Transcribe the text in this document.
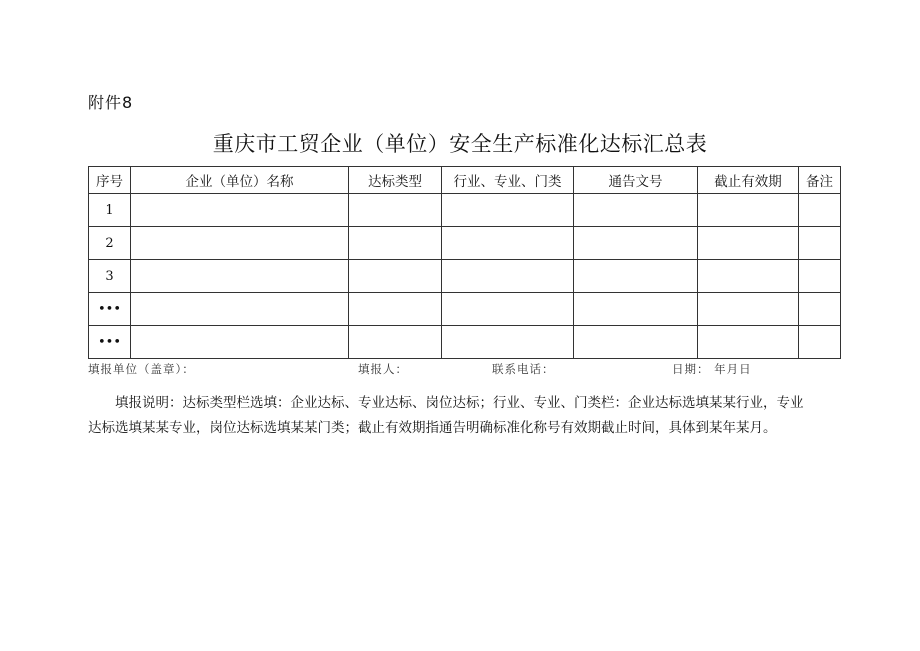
附件8
重庆市工贸企业（单位）安全生产标准化达标汇总表
序号	企业（单位）名称	达标类型	行业、专业、门类	通告文号	截止有效期	备注
1						
2						
3						
•••						
•••						
填报单位（盖章）：	填报人：	联系电话：	日期： 年月日
填报说明：达标类型栏选填：企业达标、专业达标、岗位达标；行业、专业、门类栏：企业达标选填某某行业，专业
达标选填某某专业，岗位达标选填某某门类；截止有效期指通告明确标准化称号有效期截止时间，具体到某年某月。
